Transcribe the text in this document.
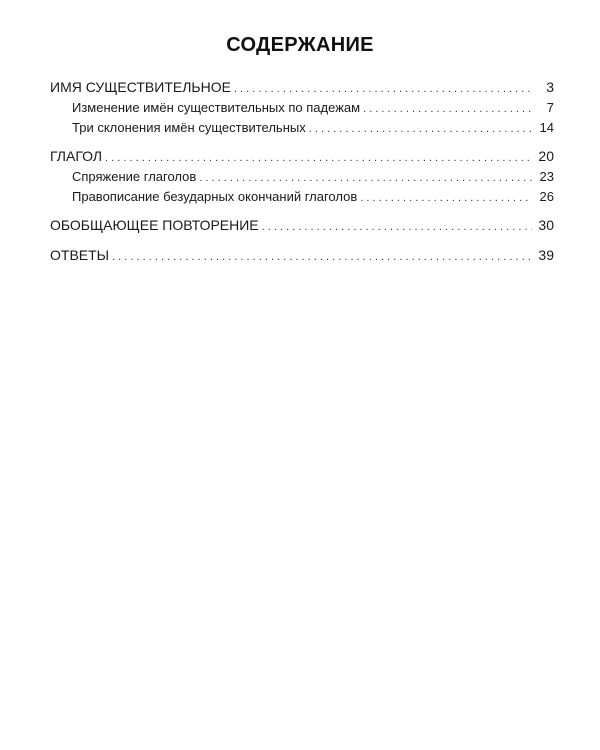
СОДЕРЖАНИЕ
ИМЯ СУЩЕСТВИТЕЛЬНОЕ . . .	3
Изменение имён существительных по падежам . . .	7
Три склонения имён существительных . . .	14
ГЛАГОЛ . . .	20
Спряжение глаголов . . .	23
Правописание безударных окончаний глаголов . . .	26
ОБОБЩАЮЩЕЕ ПОВТОРЕНИЕ . . .	30
ОТВЕТЫ . . .	39
